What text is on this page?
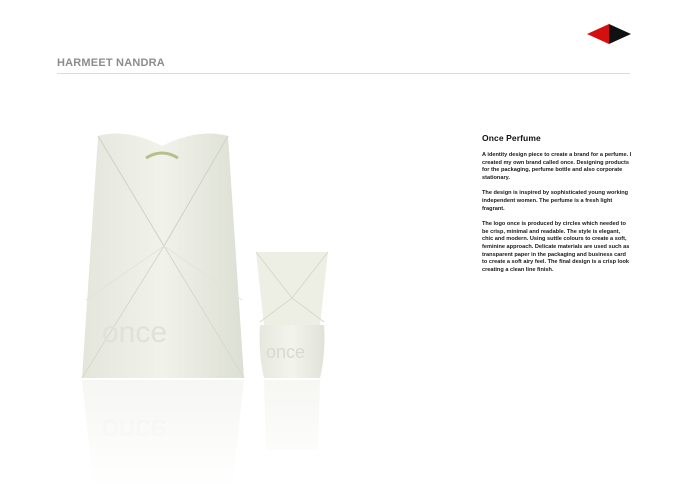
HARMEET NANDRA
once
once
Once Perfume

A identity design piece to create a brand for a perfume. I created my own brand called once. Designing products for the packaging, perfume bottle and also corporate stationary.

The design is inspired by sophisticated young working independent women. The perfume is a fresh light fragrant.

The logo once is produced by circles which needed to be crisp, minimal and readable. The style is elegant, chic and modern. Using suttle colours to create a soft, feminine approach. Delicate materials are used such as transparent paper in the packaging and business card to create a soft airy feel. The final design is a crisp look creating a clean line finish.
